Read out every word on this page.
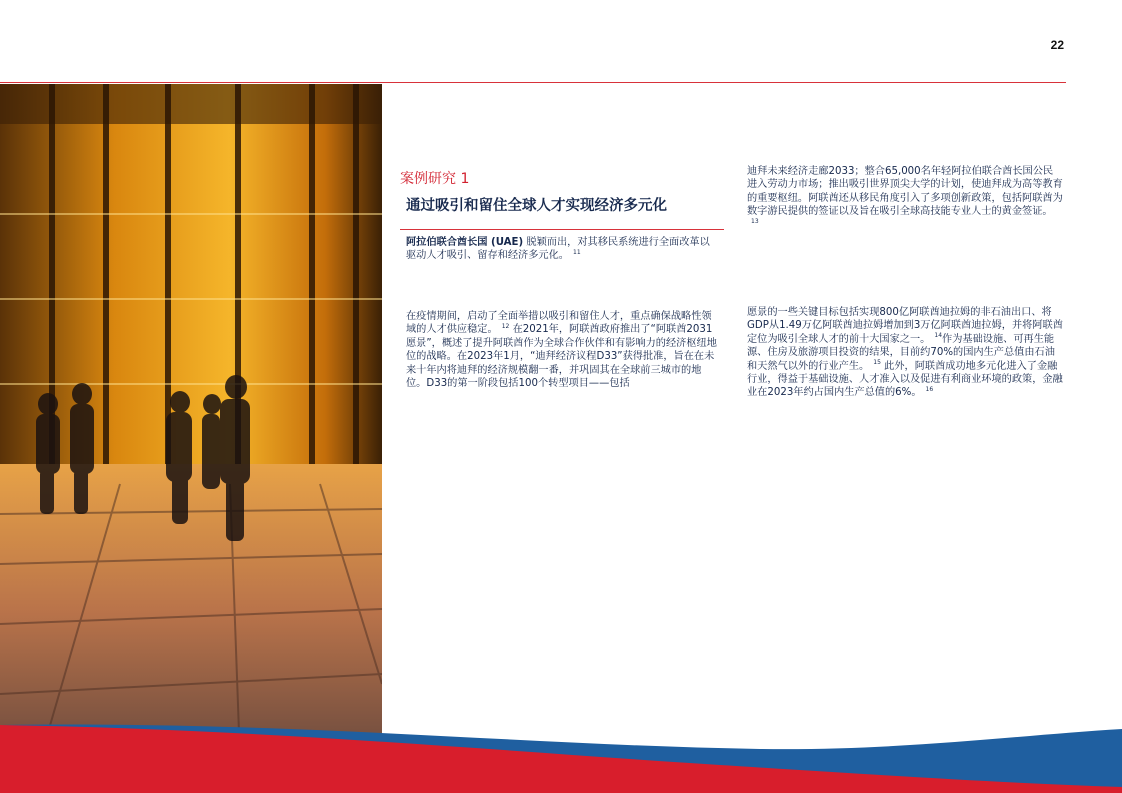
22
案例研究 1
通过吸引和留住全球人才实现经济多元化
阿拉伯联合酋长国 (UAE) 脱颖而出，对其移民系统进行全面改革以驱动人才吸引、留存和经济多元化。 $^{11}$
在疫情期间，启动了全面举措以吸引和留住人才，重点确保战略性领域的人才供应稳定。 $^{12}$ 在2021年，阿联酋政府推出了“阿联酋2031愿景”，概述了提升阿联酋作为全球合作伙伴和有影响力的经济枢纽地位的战略。在2023年1月，“迪拜经济议程D33”获得批准，旨在在未来十年内将迪拜的经济规模翻一番，并巩固其在全球前三城市的地位。D33的第一阶段包括100个转型项目——包括
迪拜未来经济走廊2033；整合65,000名年轻阿拉伯联合酋长国公民进入劳动力市场；推出吸引世界顶尖大学的计划，使迪拜成为高等教育的重要枢纽。阿联酋还从移民角度引入了多项创新政策，包括阿联酋为数字游民提供的签证以及旨在吸引全球高技能专业人士的黄金签证。$^{13}$
愿景的一些关键目标包括实现800亿阿联酋迪拉姆的非石油出口、将GDP从1.49万亿阿联酋迪拉姆增加到3万亿阿联酋迪拉姆，并将阿联酋定位为吸引全球人才的前十大国家之一。 $^{14}$作为基础设施、可再生能源、住房及旅游项目投资的结果，目前约70%的国内生产总值由石油和天然气以外的行业产生。 $^{15}$ 此外，阿联酋成功地多元化进入了金融行业，得益于基础设施、人才准入以及促进有利商业环境的政策，金融业在2023年约占国内生产总值的6%。 $^{16}$
